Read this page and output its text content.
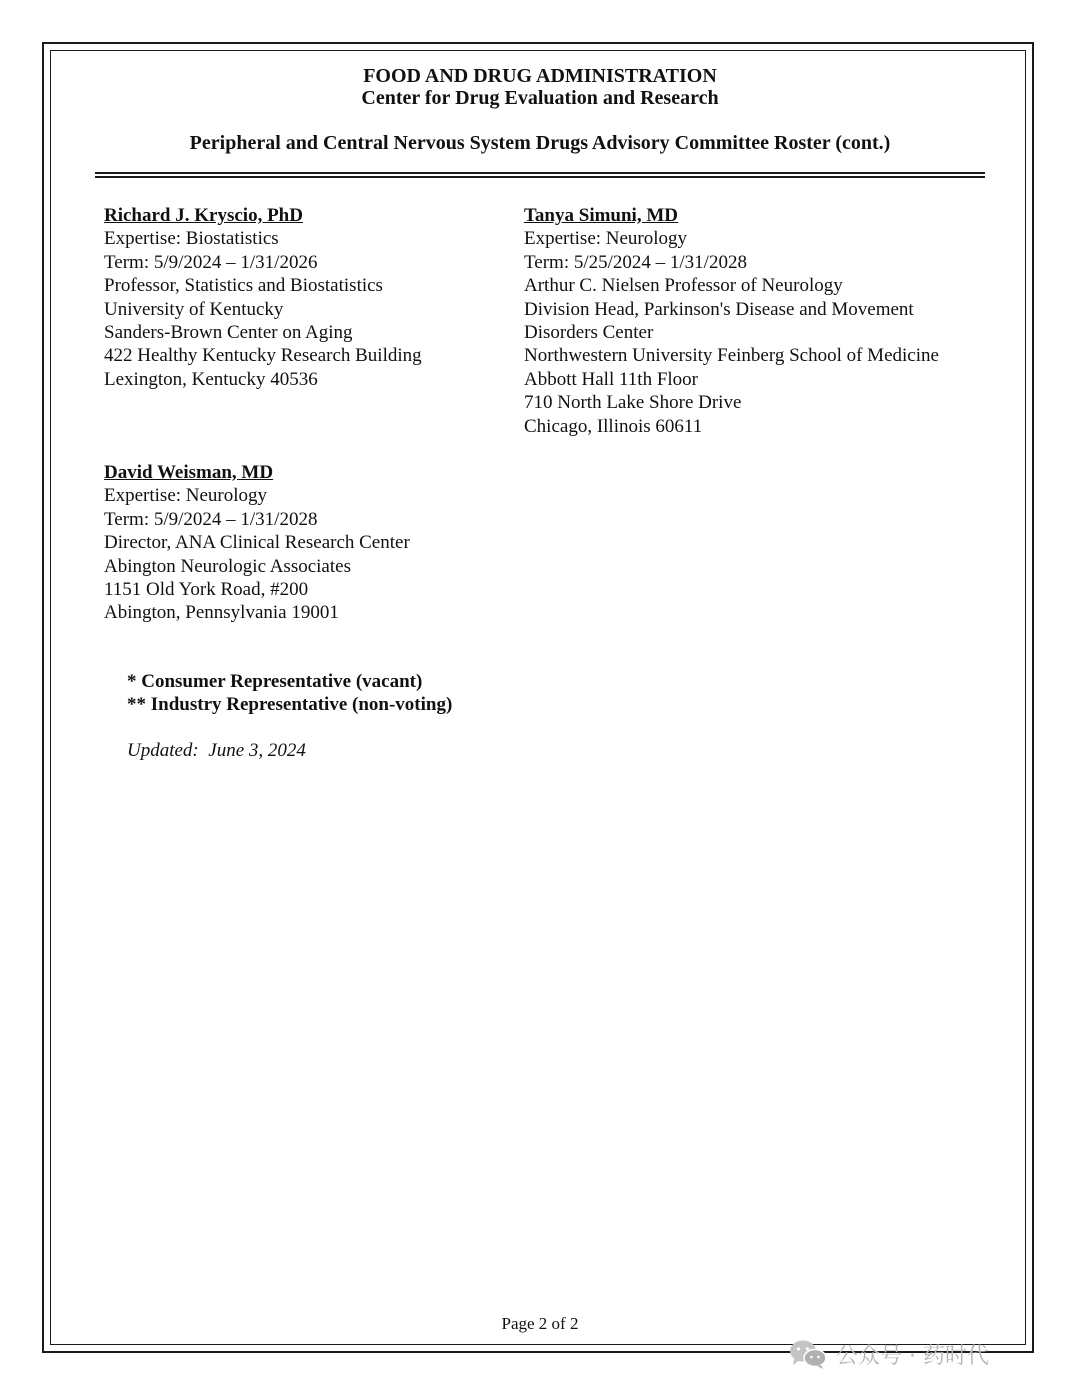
FOOD AND DRUG ADMINISTRATION
Center for Drug Evaluation and Research
Peripheral and Central Nervous System Drugs Advisory Committee Roster (cont.)
Richard J. Kryscio, PhD
Expertise: Biostatistics
Term: 5/9/2024 – 1/31/2026
Professor, Statistics and Biostatistics
University of Kentucky
Sanders-Brown Center on Aging
422 Healthy Kentucky Research Building
Lexington, Kentucky 40536
Tanya Simuni, MD
Expertise: Neurology
Term: 5/25/2024 – 1/31/2028
Arthur C. Nielsen Professor of Neurology
Division Head, Parkinson's Disease and Movement
Disorders Center
Northwestern University Feinberg School of Medicine
Abbott Hall 11th Floor
710 North Lake Shore Drive
Chicago, Illinois 60611
David Weisman, MD
Expertise: Neurology
Term: 5/9/2024 – 1/31/2028
Director, ANA Clinical Research Center
Abington Neurologic Associates
1151 Old York Road, #200
Abington, Pennsylvania 19001
* Consumer Representative (vacant)
** Industry Representative (non-voting)
Updated:  June 3, 2024
Page 2 of 2
公众号 · 药时代
